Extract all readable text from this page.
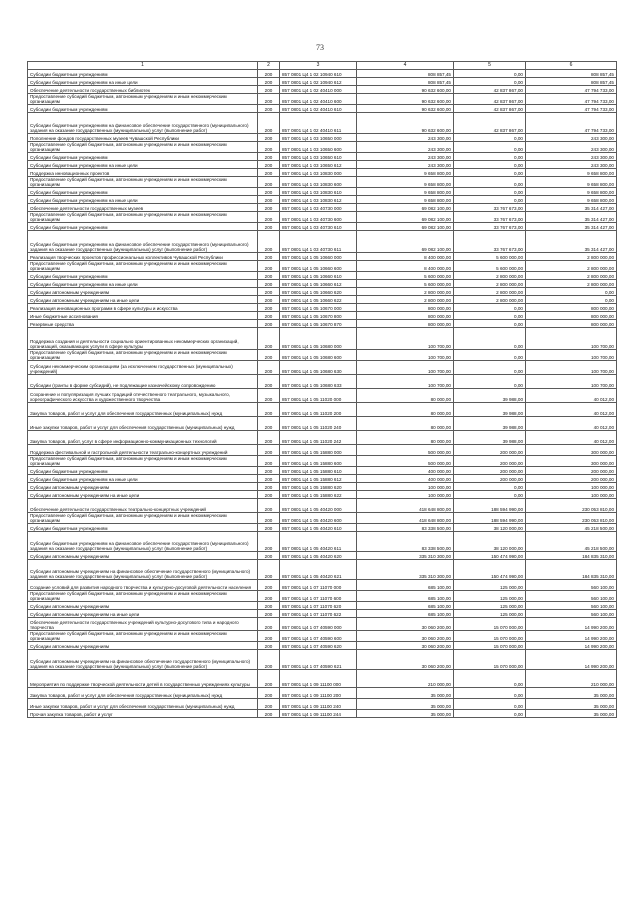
73
1	2	3	4	5	6
Субсидии бюджетным учреждениям	200	857 0801 Ц4 1 02 10940 610	808 857,45	0,00	808 857,45
Субсидии бюджетным учреждениям на иные цели	200	857 0801 Ц4 1 02 10940 612	808 857,45	0,00	808 857,45
Обеспечение деятельности государственных библиотек	200	857 0801 Ц4 1 02 40410 000	90 632 600,00	42 837 867,00	47 794 733,00
Предоставление субсидий бюджетным, автономным учреждениям и иным некоммерческим организациям	200	857 0801 Ц4 1 02 40410 600	90 632 600,00	42 837 867,00	47 794 733,00
Субсидии бюджетным учреждениям	200	857 0801 Ц4 1 02 40410 610	90 632 600,00	42 837 867,00	47 794 733,00
Субсидии бюджетным учреждениям на финансовое обеспечение государственного (муниципального) задания на оказание государственных (муниципальных) услуг (выполнение работ)	200	857 0801 Ц4 1 02 40410 611	90 632 600,00	42 837 867,00	47 794 733,00
Пополнение фондов государственных музеев Чувашской Республики	200	857 0801 Ц4 1 03 10650 000	243 300,00	0,00	243 300,00
Предоставление субсидий бюджетным, автономным учреждениям и иным некоммерческим организациям	200	857 0801 Ц4 1 03 10650 600	243 300,00	0,00	243 300,00
Субсидии бюджетным учреждениям	200	857 0801 Ц4 1 03 10650 610	243 300,00	0,00	243 300,00
Субсидии бюджетным учреждениям на иные цели	200	857 0801 Ц4 1 03 10650 612	243 300,00	0,00	243 300,00
Поддержка инновационных проектов	200	857 0801 Ц4 1 03 10830 000	9 658 800,00	0,00	9 658 800,00
Предоставление субсидий бюджетным, автономным учреждениям и иным некоммерческим организациям	200	857 0801 Ц4 1 03 10830 600	9 658 800,00	0,00	9 658 800,00
Субсидии бюджетным учреждениям	200	857 0801 Ц4 1 03 10830 610	9 658 800,00	0,00	9 658 800,00
Субсидии бюджетным учреждениям на иные цели	200	857 0801 Ц4 1 03 10830 612	9 658 800,00	0,00	9 658 800,00
Обеспечение деятельности государственных музеев	200	857 0801 Ц4 1 03 40730 000	69 082 100,00	33 767 673,00	35 314 427,00
Предоставление субсидий бюджетным, автономным учреждениям и иным некоммерческим организациям	200	857 0801 Ц4 1 03 40730 600	69 082 100,00	33 767 673,00	35 314 427,00
Субсидии бюджетным учреждениям	200	857 0801 Ц4 1 03 40730 610	69 082 100,00	33 767 673,00	35 314 427,00
Субсидии бюджетным учреждениям на финансовое обеспечение государственного (муниципального) задания на оказание государственных (муниципальных) услуг (выполнение работ)	200	857 0801 Ц4 1 03 40730 611	69 082 100,00	33 767 673,00	35 314 427,00
Реализация творческих проектов профессиональных коллективов Чувашской Республики	200	857 0801 Ц4 1 05 10660 000	8 400 000,00	5 600 000,00	2 800 000,00
Предоставление субсидий бюджетным, автономным учреждениям и иным некоммерческим организациям	200	857 0801 Ц4 1 05 10660 600	8 400 000,00	5 600 000,00	2 800 000,00
Субсидии бюджетным учреждениям	200	857 0801 Ц4 1 05 10660 610	5 600 000,00	2 800 000,00	2 800 000,00
Субсидии бюджетным учреждениям на иные цели	200	857 0801 Ц4 1 05 10660 612	5 600 000,00	2 800 000,00	2 800 000,00
Субсидии автономным учреждениям	200	857 0801 Ц4 1 05 10660 620	2 800 000,00	2 800 000,00	0,00
Субсидии автономным учреждениям на иные цели	200	857 0801 Ц4 1 05 10660 622	2 800 000,00	2 800 000,00	0,00
Реализация инновационных программ в сфере культуры и искусства	200	857 0801 Ц4 1 05 10670 000	800 000,00	0,00	800 000,00
Иные бюджетные ассигнования	200	857 0801 Ц4 1 05 10670 800	800 000,00	0,00	800 000,00
Резервные средства	200	857 0801 Ц4 1 05 10670 870	800 000,00	0,00	800 000,00
Поддержка создания и деятельности социально ориентированных некоммерческих организаций, организаций, оказывающих услуги в сфере культуры	200	857 0801 Ц4 1 05 10680 000	100 700,00	0,00	100 700,00
Предоставление субсидий бюджетным, автономным учреждениям и иным некоммерческим организациям	200	857 0801 Ц4 1 05 10680 600	100 700,00	0,00	100 700,00
Субсидии некоммерческим организациям (за исключением государственных (муниципальных) учреждений)	200	857 0801 Ц4 1 05 10680 630	100 700,00	0,00	100 700,00
Субсидии (гранты в форме субсидий), не подлежащие казначейскому сопровождению	200	857 0801 Ц4 1 05 10680 633	100 700,00	0,00	100 700,00
Сохранение и популяризация лучших традиций отечественного театрального, музыкального, хореографического искусства и художественного творчества	200	857 0801 Ц4 1 05 11020 000	80 000,00	39 988,00	40 012,00
Закупка товаров, работ и услуг для обеспечения государственных (муниципальных) нужд	200	857 0801 Ц4 1 05 11020 200	80 000,00	39 988,00	40 012,00
Иные закупки товаров, работ и услуг для обеспечения государственных (муниципальных) нужд	200	857 0801 Ц4 1 05 11020 240	80 000,00	39 988,00	40 012,00
Закупка товаров, работ, услуг в сфере информационно-коммуникационных технологий	200	857 0801 Ц4 1 05 11020 242	80 000,00	39 988,00	40 012,00
Поддержка фестивальной и гастрольной деятельности театрально-концертных учреждений	200	857 0801 Ц4 1 05 15880 000	500 000,00	200 000,00	300 000,00
Предоставление субсидий бюджетным, автономным учреждениям и иным некоммерческим организациям	200	857 0801 Ц4 1 05 15880 600	500 000,00	200 000,00	300 000,00
Субсидии бюджетным учреждениям	200	857 0801 Ц4 1 05 15880 610	400 000,00	200 000,00	200 000,00
Субсидии бюджетным учреждениям на иные цели	200	857 0801 Ц4 1 05 15880 612	400 000,00	200 000,00	200 000,00
Субсидии автономным учреждениям	200	857 0801 Ц4 1 05 15880 620	100 000,00	0,00	100 000,00
Субсидии автономным учреждениям на иные цели	200	857 0801 Ц4 1 05 15880 622	100 000,00	0,00	100 000,00
Обеспечение деятельности государственных театрально-концертных учреждений	200	857 0801 Ц4 1 05 40420 000	418 648 800,00	188 594 990,00	230 053 810,00
Предоставление субсидий бюджетным, автономным учреждениям и иным некоммерческим организациям	200	857 0801 Ц4 1 05 40420 600	418 648 800,00	188 594 990,00	230 053 810,00
Субсидии бюджетным учреждениям	200	857 0801 Ц4 1 05 40420 610	83 338 500,00	38 120 000,00	45 218 500,00
Субсидии бюджетным учреждениям на финансовое обеспечение государственного (муниципального) задания на оказание государственных (муниципальных) услуг (выполнение работ)	200	857 0801 Ц4 1 05 40420 611	83 338 500,00	38 120 000,00	45 218 500,00
Субсидии автономным учреждениям	200	857 0801 Ц4 1 05 40420 620	335 310 300,00	150 474 990,00	184 835 310,00
Субсидии автономным учреждениям на финансовое обеспечение государственного (муниципального) задания на оказание государственных (муниципальных) услуг (выполнение работ)	200	857 0801 Ц4 1 05 40420 621	335 310 300,00	150 474 990,00	184 835 310,00
Создание условий для развития народного творчества и культурно-досуговой деятельности населения	200	857 0801 Ц4 1 07 11070 000	685 100,00	125 000,00	560 100,00
Предоставление субсидий бюджетным, автономным учреждениям и иным некоммерческим организациям	200	857 0801 Ц4 1 07 11070 600	685 100,00	125 000,00	560 100,00
Субсидии автономным учреждениям	200	857 0801 Ц4 1 07 11070 620	685 100,00	125 000,00	560 100,00
Субсидии автономным учреждениям на иные цели	200	857 0801 Ц4 1 07 11070 622	685 100,00	125 000,00	560 100,00
Обеспечение деятельности государственных учреждений культурно-досугового типа и народного творчества	200	857 0801 Ц4 1 07 40590 000	30 060 200,00	15 070 000,00	14 990 200,00
Предоставление субсидий бюджетным, автономным учреждениям и иным некоммерческим организациям	200	857 0801 Ц4 1 07 40590 600	30 060 200,00	15 070 000,00	14 990 200,00
Субсидии автономным учреждениям	200	857 0801 Ц4 1 07 40590 620	30 060 200,00	15 070 000,00	14 990 200,00
Субсидии автономным учреждениям на финансовое обеспечение государственного (муниципального) задания на оказание государственных (муниципальных) услуг (выполнение работ)	200	857 0801 Ц4 1 07 40590 621	30 060 200,00	15 070 000,00	14 990 200,00
Мероприятия по поддержке творческой деятельности детей в государственных учреждениях культуры	200	857 0801 Ц4 1 09 11100 000	210 000,00	0,00	210 000,00
Закупка товаров, работ и услуг для обеспечения государственных (муниципальных) нужд	200	857 0801 Ц4 1 09 11100 200	35 000,00	0,00	35 000,00
Иные закупки товаров, работ и услуг для обеспечения государственных (муниципальных) нужд	200	857 0801 Ц4 1 09 11100 240	35 000,00	0,00	35 000,00
Прочая закупка товаров, работ и услуг	200	857 0801 Ц4 1 09 11100 244	35 000,00	0,00	35 000,00
